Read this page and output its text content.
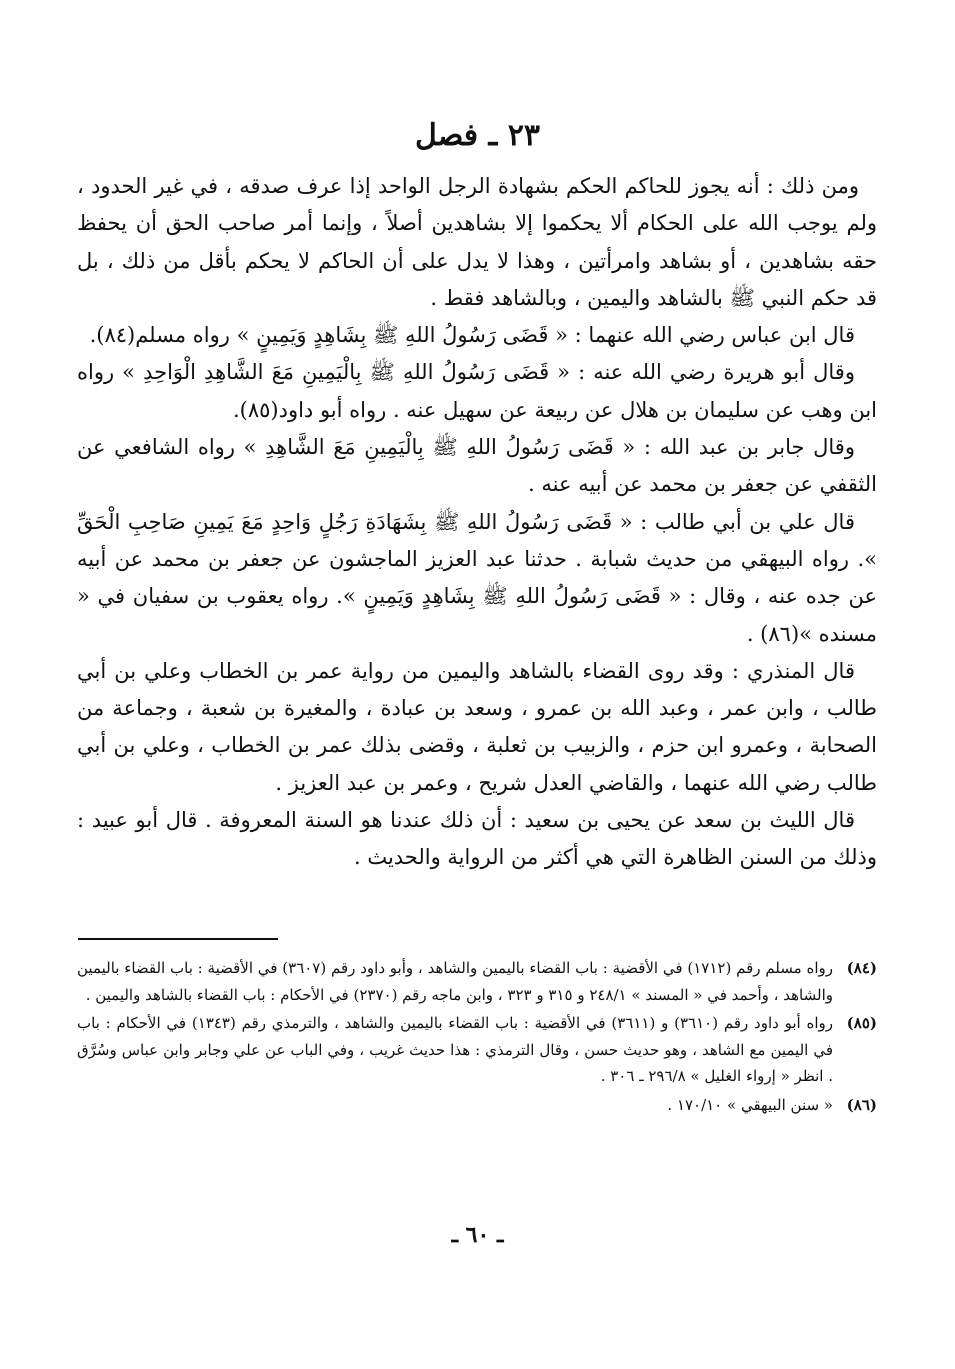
٢٣ ـ فصل

ومن ذلك : أنه يجوز للحاكم الحكم بشهادة الرجل الواحد إذا عرف صدقه ، في غير الحدود ، ولم يوجب الله على الحكام ألا يحكموا إلا بشاهدين أصلاً ، وإنما أمر صاحب الحق أن يحفظ حقه بشاهدين ، أو بشاهد وامرأتين ، وهذا لا يدل على أن الحاكم لا يحكم بأقل من ذلك ، بل قد حكم النبي ﷺ بالشاهد واليمين ، وبالشاهد فقط .

قال ابن عباس رضي الله عنهما : « قَضَى رَسُولُ اللهِ ﷺ بِشَاهِدٍ وَيَمِينٍ » رواه مسلم(٨٤).

وقال أبو هريرة رضي الله عنه : « قَضَى رَسُولُ اللهِ ﷺ بِالْيَمِينِ مَعَ الشَّاهِدِ الْوَاحِدِ » رواه ابن وهب عن سليمان بن هلال عن ربيعة عن سهيل عنه . رواه أبو داود(٨٥).

وقال جابر بن عبد الله : « قَضَى رَسُولُ اللهِ ﷺ بِالْيَمِينِ مَعَ الشَّاهِدِ » رواه الشافعي عن الثقفي عن جعفر بن محمد عن أبيه عنه .

قال علي بن أبي طالب : « قَضَى رَسُولُ اللهِ ﷺ بِشَهَادَةِ رَجُلٍ وَاحِدٍ مَعَ يَمِينِ صَاحِبِ الْحَقِّ ». رواه البيهقي من حديث شبابة . حدثنا عبد العزيز الماجشون عن جعفر بن محمد عن أبيه عن جده عنه ، وقال : « قَضَى رَسُولُ اللهِ ﷺ بِشَاهِدٍ وَيَمِينٍ ». رواه يعقوب بن سفيان في « مسنده »(٨٦) .

قال المنذري : وقد روى القضاء بالشاهد واليمين من رواية عمر بن الخطاب وعلي بن أبي طالب ، وابن عمر ، وعبد الله بن عمرو ، وسعد بن عبادة ، والمغيرة بن شعبة ، وجماعة من الصحابة ، وعمرو ابن حزم ، والزبيب بن ثعلبة ، وقضى بذلك عمر بن الخطاب ، وعلي بن أبي طالب رضي الله عنهما ، والقاضي العدل شريح ، وعمر بن عبد العزيز .

قال الليث بن سعد عن يحيى بن سعيد : أن ذلك عندنا هو السنة المعروفة . قال أبو عبيد : وذلك من السنن الظاهرة التي هي أكثر من الرواية والحديث .

(٨٤)
رواه مسلم رقم (١٧١٢) في الأقضية : باب القضاء باليمين والشاهد ، وأبو داود رقم (٣٦٠٧) في الأقضية : باب القضاء باليمين والشاهد ، وأحمد في « المسند » ٢٤٨/١ و ٣١٥ و ٣٢٣ ، وابن ماجه رقم (٢٣٧٠) في الأحكام : باب القضاء بالشاهد واليمين .
(٨٥)
رواه أبو داود رقم (٣٦١٠) و (٣٦١١) في الأقضية : باب القضاء باليمين والشاهد ، والترمذي رقم (١٣٤٣) في الأحكام : باب في اليمين مع الشاهد ، وهو حديث حسن ، وقال الترمذي : هذا حديث غريب ، وفي الباب عن علي وجابر وابن عباس وسُرَّق . انظر « إرواء الغليل » ٢٩٦/٨ ـ ٣٠٦ .
(٨٦)
« سنن البيهقي » ١٧٠/١٠ .
ـ ٦٠ ـ
